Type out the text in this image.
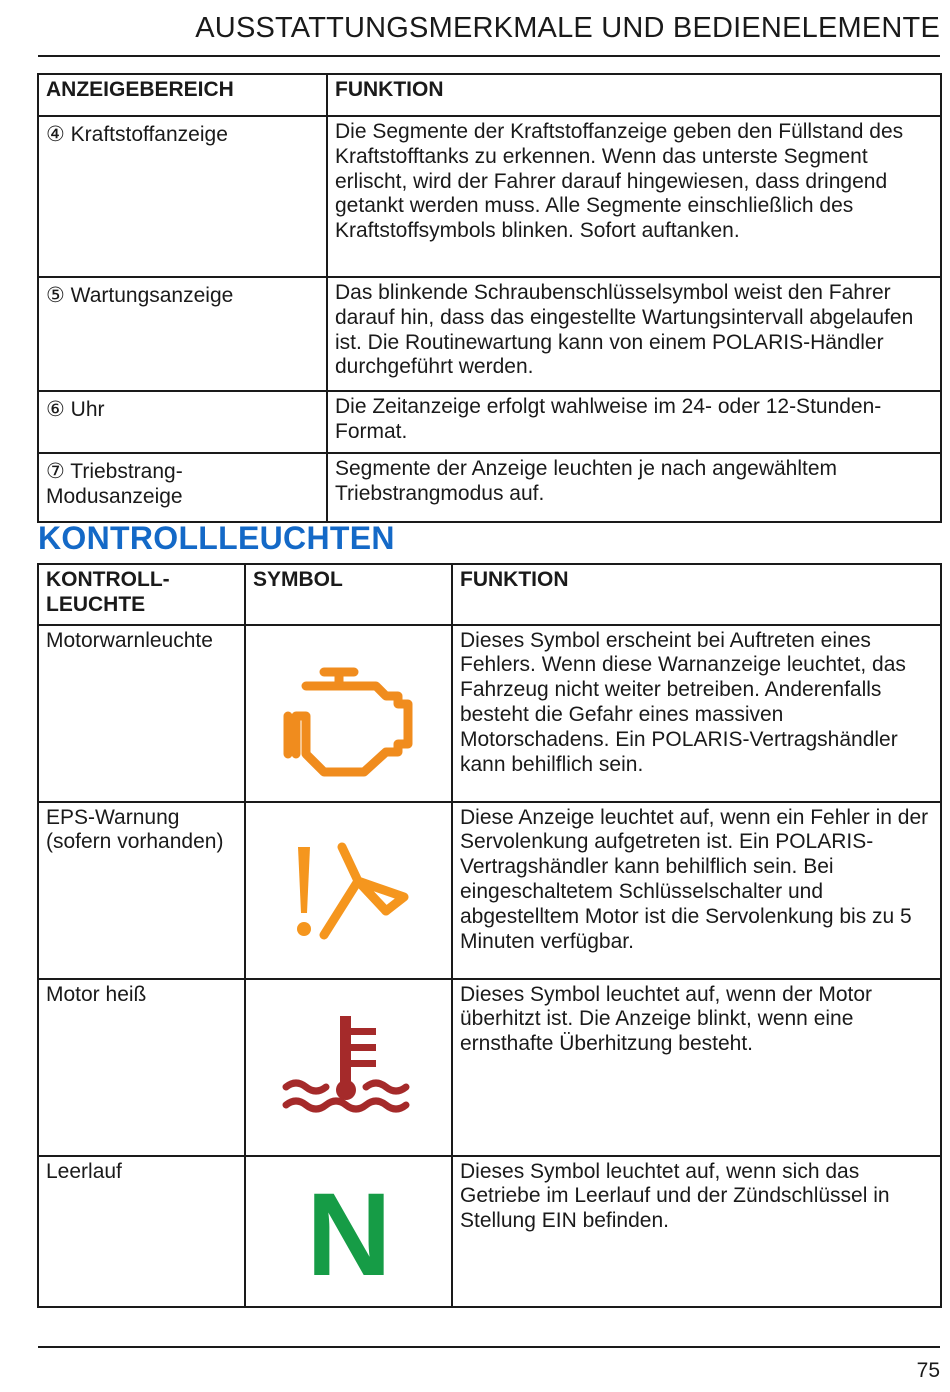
AUSSTATTUNGSMERKMALE UND BEDIENELEMENTE
ANZEIGEBEREICH	FUNKTION
④ Kraftstoffanzeige	Die Segmente der Kraftstoffanzeige geben den Füllstand des Kraftstofftanks zu erkennen. Wenn das unterste Segment erlischt, wird der Fahrer darauf hingewiesen, dass dringend getankt werden muss. Alle Segmente einschließlich des Kraftstoffsymbols blinken. Sofort auftanken.
⑤ Wartungsanzeige	Das blinkende Schraubenschlüsselsymbol weist den Fahrer darauf hin, dass das eingestellte Wartungsintervall abgelaufen ist. Die Routinewartung kann von einem POLARIS-Händler durchgeführt werden.
⑥ Uhr	Die Zeitanzeige erfolgt wahlweise im 24- oder 12-Stunden-Format.
⑦ Triebstrang-Modusanzeige	Segmente der Anzeige leuchten je nach angewähltem Triebstrangmodus auf.
KONTROLLLEUCHTEN
KONTROLL-
LEUCHTE	SYMBOL	FUNKTION
Motorwarnleuchte		Dieses Symbol erscheint bei Auftreten eines Fehlers. Wenn diese Warnanzeige leuchtet, das Fahrzeug nicht weiter betreiben. Anderenfalls besteht die Gefahr eines massiven Motorschadens. Ein POLARIS-Vertragshändler kann behilflich sein.
EPS-Warnung (sofern vorhanden)		Diese Anzeige leuchtet auf, wenn ein Fehler in der Servolenkung aufgetreten ist. Ein POLARIS-Vertragshändler kann behilflich sein. Bei eingeschaltetem Schlüsselschalter und abgestelltem Motor ist die Servolenkung bis zu 5 Minuten verfügbar.
Motor heiß		Dieses Symbol leuchtet auf, wenn der Motor überhitzt ist. Die Anzeige blinkt, wenn eine ernsthafte Überhitzung besteht.
Leerlauf	N	Dieses Symbol leuchtet auf, wenn sich das Getriebe im Leerlauf und der Zündschlüssel in Stellung EIN befinden.
75
